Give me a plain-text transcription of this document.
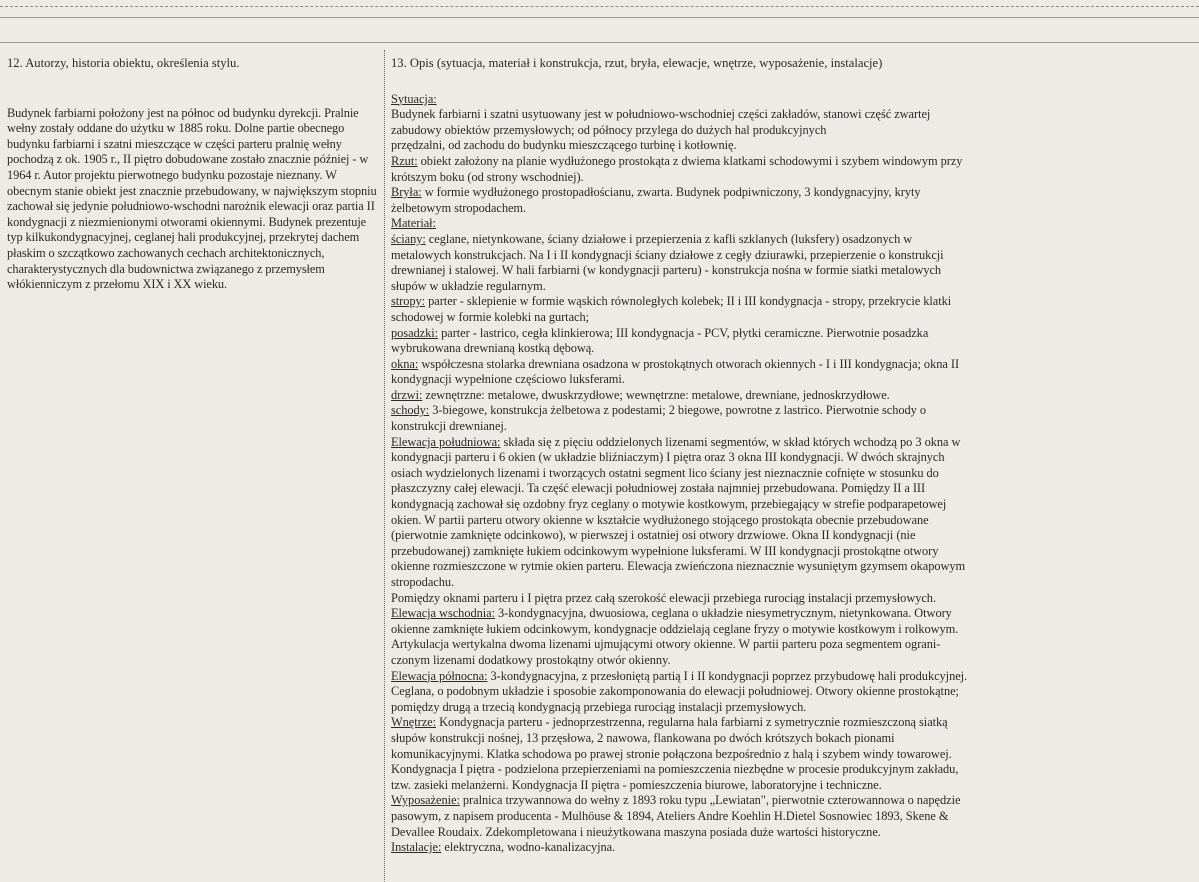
12. Autorzy, historia obiektu, określenia stylu.

Budynek farbiarni położony jest na północ od budynku dyrekcji. Pralnie wełny zostały oddane do użytku w 1885 roku. Dolne partie obecnego budynku farbiarni i szatni mieszczące w części parteru pralnię wełny pochodzą z ok. 1905 r., II piętro dobudowane zostało znacznie później - w 1964 r. Autor projektu pierwotnego budynku pozostaje nieznany. W obecnym stanie obiekt jest znacznie przebudowany, w największym stopniu zachował się jedynie południowo-wschodni narożnik elewacji oraz partia II kondygnacji z niezmienionymi otworami okiennymi. Budynek prezentuje typ kilkukondygnacyjnej, ceglanej hali produkcyjnej, przekrytej dachem płaskim o szczątkowo zachowanych cechach architektonicznych, charakterystycznych dla budownictwa związanego z przemysłem włókienniczym z przełomu XIX i XX wieku.

13. Opis (sytuacja, materiał i konstrukcja, rzut, bryła, elewacje, wnętrze, wyposażenie, instalacje)
Sytuacja:
Budynek farbiarni i szatni usytuowany jest w południowo-wschodniej części zakładów, stanowi część zwartej
zabudowy obiektów przemysłowych; od północy przylega do dużych hal produkcyjnych
przędzalni, od zachodu do budynku mieszczącego turbinę i kotłownię.
Rzut: obiekt założony na planie wydłużonego prostokąta z dwiema klatkami schodowymi i szybem windowym przy
krótszym boku (od strony wschodniej).
Bryła: w formie wydłużonego prostopadłościanu, zwarta. Budynek podpiwniczony, 3 kondygnacyjny, kryty
żelbetowym stropodachem.
Materiał:
ściany: ceglane, nietynkowane, ściany działowe i przepierzenia z kafli szklanych (luksfery) osadzonych w
metalowych konstrukcjach. Na I i II kondygnacji ściany działowe z cegły dziurawki, przepierzenie o konstrukcji
drewnianej i stalowej. W hali farbiarni (w kondygnacji parteru) - konstrukcja nośna w formie siatki metalowych
słupów w układzie regularnym.
stropy: parter - sklepienie w formie wąskich równoległych kolebek; II i III kondygnacja - stropy, przekrycie klatki
schodowej w formie kolebki na gurtach;
posadzki: parter - lastrico, cegła klinkierowa; III kondygnacja - PCV, płytki ceramiczne. Pierwotnie posadzka
wybrukowana drewnianą kostką dębową.
okna: współczesna stolarka drewniana osadzona w prostokątnych otworach okiennych - I i III kondygnacja; okna II
kondygnacji wypełnione częściowo luksferami.
drzwi: zewnętrzne: metalowe, dwuskrzydłowe; wewnętrzne: metalowe, drewniane, jednoskrzydłowe.
schody: 3-biegowe, konstrukcja żelbetowa z podestami; 2 biegowe, powrotne z lastrico. Pierwotnie schody o
konstrukcji drewnianej.
Elewacja południowa: składa się z pięciu oddzielonych lizenami segmentów, w skład których wchodzą po 3 okna w
kondygnacji parteru i 6 okien (w układzie bliźniaczym) I piętra oraz 3 okna III kondygnacji. W dwóch skrajnych
osiach wydzielonych lizenami i tworzących ostatni segment lico ściany jest nieznacznie cofnięte w stosunku do
płaszczyzny całej elewacji. Ta część elewacji południowej została najmniej przebudowana. Pomiędzy II a III
kondygnacją zachował się ozdobny fryz ceglany o motywie kostkowym, przebiegający w strefie podparapetowej
okien. W partii parteru otwory okienne w kształcie wydłużonego stojącego prostokąta obecnie przebudowane
(pierwotnie zamknięte odcinkowo), w pierwszej i ostatniej osi otwory drzwiowe. Okna II kondygnacji (nie
przebudowanej) zamknięte łukiem odcinkowym wypełnione luksferami. W III kondygnacji prostokątne otwory
okienne rozmieszczone w rytmie okien parteru. Elewacja zwieńczona nieznacznie wysuniętym gzymsem okapowym
stropodachu.
Pomiędzy oknami parteru i I piętra przez całą szerokość elewacji przebiega rurociąg instalacji przemysłowych.
Elewacja wschodnia: 3-kondygnacyjna, dwuosiowa, ceglana o układzie niesymetrycznym, nietynkowana. Otwory
okienne zamknięte łukiem odcinkowym, kondygnacje oddzielają ceglane fryzy o motywie kostkowym i rolkowym.
Artykulacja wertykalna dwoma lizenami ujmującymi otwory okienne. W partii parteru poza segmentem ograni-
czonym lizenami dodatkowy prostokątny otwór okienny.
Elewacja północna: 3-kondygnacyjna, z przesłoniętą partią I i II kondygnacji poprzez przybudowę hali produkcyjnej.
Ceglana, o podobnym układzie i sposobie zakomponowania do elewacji południowej. Otwory okienne prostokątne;
pomiędzy drugą a trzecią kondygnacją przebiega rurociąg instalacji przemysłowych.
Wnętrze: Kondygnacja parteru - jednoprzestrzenna, regularna hala farbiarni z symetrycznie rozmieszczoną siatką
słupów konstrukcji nośnej, 13 przęsłowa, 2 nawowa, flankowana po dwóch krótszych bokach pionami
komunikacyjnymi. Klatka schodowa po prawej stronie połączona bezpośrednio z halą i szybem windy towarowej.
Kondygnacja I piętra - podzielona przepierzeniami na pomieszczenia niezbędne w procesie produkcyjnym zakładu,
tzw. zasieki melanżerni. Kondygnacja II piętra - pomieszczenia biurowe, laboratoryjne i techniczne.
Wyposażenie: pralnica trzywannowa do wełny z 1893 roku typu „Lewiatan", pierwotnie czterowannowa o napędzie
pasowym, z napisem producenta - Mulhöuse & 1894, Ateliers Andre Koehlin H.Dietel Sosnowiec 1893, Skene &
Devallee Roudaix. Zdekompletowana i nieużytkowana maszyna posiada duże wartości historyczne.
Instalacje: elektryczna, wodno-kanalizacyjna.
